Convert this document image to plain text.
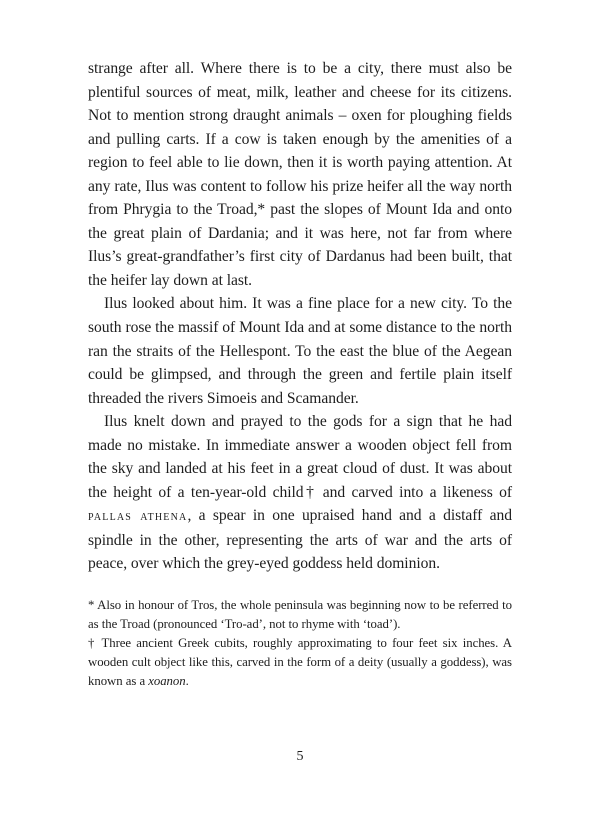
strange after all. Where there is to be a city, there must also be plentiful sources of meat, milk, leather and cheese for its citizens. Not to mention strong draught animals – oxen for ploughing fields and pulling carts. If a cow is taken enough by the amenities of a region to feel able to lie down, then it is worth paying attention. At any rate, Ilus was content to follow his prize heifer all the way north from Phrygia to the Troad,* past the slopes of Mount Ida and onto the great plain of Dardania; and it was here, not far from where Ilus’s great-grandfather’s first city of Dardanus had been built, that the heifer lay down at last.

Ilus looked about him. It was a fine place for a new city. To the south rose the massif of Mount Ida and at some distance to the north ran the straits of the Hellespont. To the east the blue of the Aegean could be glimpsed, and through the green and fertile plain itself threaded the rivers Simoeis and Scamander.

Ilus knelt down and prayed to the gods for a sign that he had made no mistake. In immediate answer a wooden object fell from the sky and landed at his feet in a great cloud of dust. It was about the height of a ten-year-old child† and carved into a likeness of pallas athena, a spear in one upraised hand and a distaff and spindle in the other, representing the arts of war and the arts of peace, over which the grey-eyed goddess held dominion.

* Also in honour of Tros, the whole peninsula was beginning now to be referred to as the Troad (pronounced ‘Tro-ad’, not to rhyme with ‘toad’).

† Three ancient Greek cubits, roughly approximating to four feet six inches. A wooden cult object like this, carved in the form of a deity (usually a goddess), was known as a xoanon.

5
